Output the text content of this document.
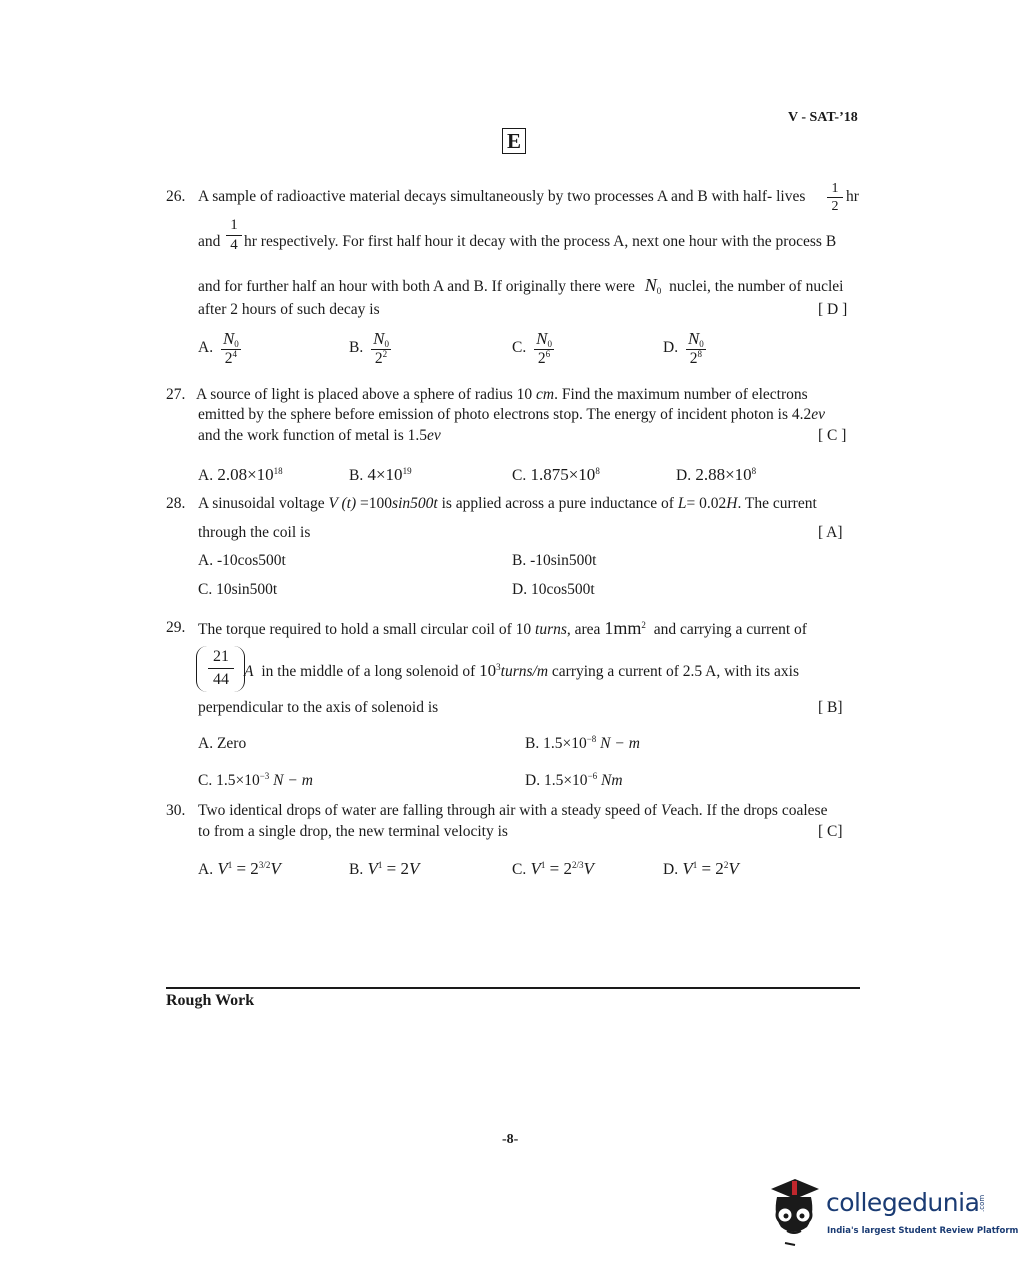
V - SAT-’18
E
26. A sample of radioactive material decays simultaneously by two processes A and B with half- lives	1
2
hr
and
1
4 hr respectively. For first half hour it decay with the process A, next one hour with the process B
and for further half an hour with both A and B. If originally there were $N_0$ nuclei, the number of nuclei
after 2 hours of such decay is	[ D ]
A. $\frac{N_0}{2^4}$	B. $\frac{N_0}{2^2}$	C. $\frac{N_0}{2^6}$	D. $\frac{N_0}{2^8}$
27. A source of light is placed above a sphere of radius 10 cm. Find the maximum number of electrons
emitted by the sphere before emission of photo electrons stop. The energy of incident photon is 4.2ev
and the work function of metal is 1.5ev	[ C ]
A. $2.08\times 10^{18}$	B. $4\times 10^{19}$	C. $1.875\times 10^8$	D. $2.88\times 10^8$
28. A sinusoidal voltage V (t) =100sin500t is applied across a pure inductance of L= 0.02H. The current
through the coil is	[ A]
A. -10cos500t	B. -10sin500t
C. 10sin500t	D. 10cos500t
29. The torque required to hold a small circular coil of 10 turns, area $1mm^2$ and carrying a current of
21
44 A in the middle of a long solenoid of $10^3turns/m$ carrying a current of 2.5 A, with its axis
perpendicular to the axis of solenoid is	[ B]
A. Zero	B. $1.5\times 10^{-8}$ N − m
C. $1.5\times 10^{-3}$ N − m	D. $1.5\times 10^{-6}$ Nm
30. Two identical drops of water are falling through air with a steady speed of Veach. If the drops coalese
to from a single drop, the new terminal velocity is	[ C]
A. $V^1 = 2^{3/2}V$	B. $V^1 = 2V$	C. $V^1 = 2^{2/3}V$	D. $V^1 = 2^2V$
Rough Work
-8-
collegedunia
.com
India's largest Student Review Platform
